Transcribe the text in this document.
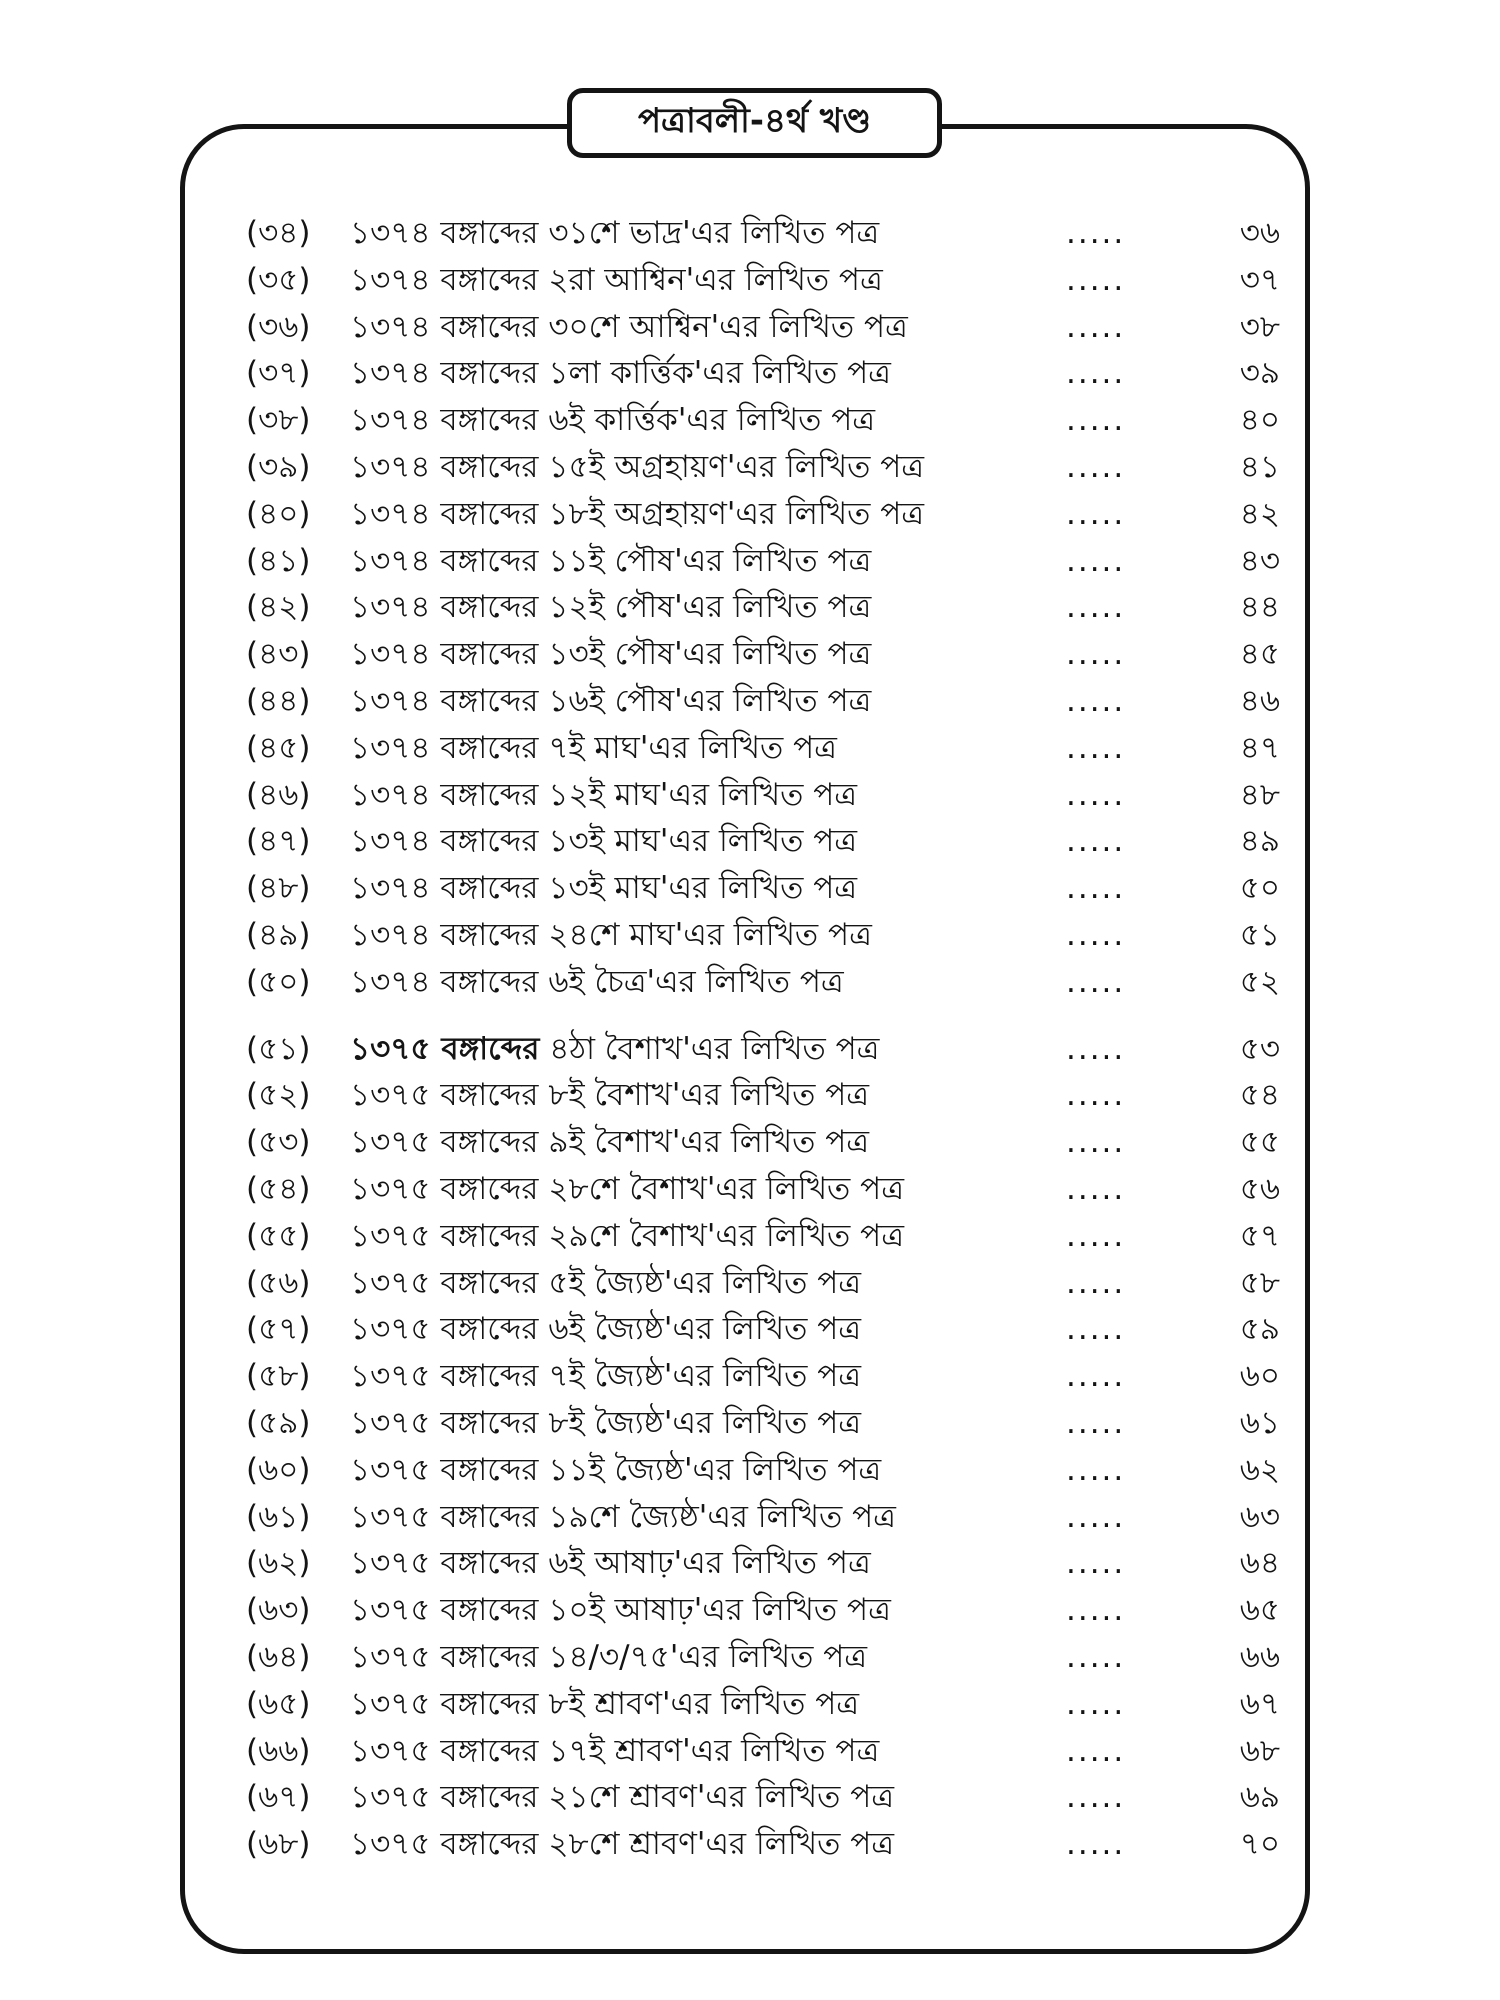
পত্রাবলী-৪র্থ খণ্ড
(৩৪) ১৩৭৪ বঙ্গাব্দের ৩১শে ভাদ্র'এর লিখিত পত্র	.....	৩৬
(৩৫) ১৩৭৪ বঙ্গাব্দের ২রা আশ্বিন'এর লিখিত পত্র	.....	৩৭
(৩৬) ১৩৭৪ বঙ্গাব্দের ৩০শে আশ্বিন'এর লিখিত পত্র	.....	৩৮
(৩৭) ১৩৭৪ বঙ্গাব্দের ১লা কার্ত্তিক'এর লিখিত পত্র	.....	৩৯
(৩৮) ১৩৭৪ বঙ্গাব্দের ৬ই কার্ত্তিক'এর লিখিত পত্র	.....	৪০
(৩৯) ১৩৭৪ বঙ্গাব্দের ১৫ই অগ্রহায়ণ'এর লিখিত পত্র	.....	৪১
(৪০) ১৩৭৪ বঙ্গাব্দের ১৮ই অগ্রহায়ণ'এর লিখিত পত্র	.....	৪২
(৪১) ১৩৭৪ বঙ্গাব্দের ১১ই পৌষ'এর লিখিত পত্র	.....	৪৩
(৪২) ১৩৭৪ বঙ্গাব্দের ১২ই পৌষ'এর লিখিত পত্র	.....	৪৪
(৪৩) ১৩৭৪ বঙ্গাব্দের ১৩ই পৌষ'এর লিখিত পত্র	.....	৪৫
(৪৪) ১৩৭৪ বঙ্গাব্দের ১৬ই পৌষ'এর লিখিত পত্র	.....	৪৬
(৪৫) ১৩৭৪ বঙ্গাব্দের ৭ই মাঘ'এর লিখিত পত্র	.....	৪৭
(৪৬) ১৩৭৪ বঙ্গাব্দের ১২ই মাঘ'এর লিখিত পত্র	.....	৪৮
(৪৭) ১৩৭৪ বঙ্গাব্দের ১৩ই মাঘ'এর লিখিত পত্র	.....	৪৯
(৪৮) ১৩৭৪ বঙ্গাব্দের ১৩ই মাঘ'এর লিখিত পত্র	.....	৫০
(৪৯) ১৩৭৪ বঙ্গাব্দের ২৪শে মাঘ'এর লিখিত পত্র	.....	৫১
(৫০) ১৩৭৪ বঙ্গাব্দের ৬ই চৈত্র'এর লিখিত পত্র	.....	৫২
(৫১) ১৩৭৫ বঙ্গাব্দের ৪ঠা বৈশাখ'এর লিখিত পত্র	.....	৫৩
(৫২) ১৩৭৫ বঙ্গাব্দের ৮ই বৈশাখ'এর লিখিত পত্র	.....	৫৪
(৫৩) ১৩৭৫ বঙ্গাব্দের ৯ই বৈশাখ'এর লিখিত পত্র	.....	৫৫
(৫৪) ১৩৭৫ বঙ্গাব্দের ২৮শে বৈশাখ'এর লিখিত পত্র	.....	৫৬
(৫৫) ১৩৭৫ বঙ্গাব্দের ২৯শে বৈশাখ'এর লিখিত পত্র	.....	৫৭
(৫৬) ১৩৭৫ বঙ্গাব্দের ৫ই জ্যৈষ্ঠ'এর লিখিত পত্র	.....	৫৮
(৫৭) ১৩৭৫ বঙ্গাব্দের ৬ই জ্যৈষ্ঠ'এর লিখিত পত্র	.....	৫৯
(৫৮) ১৩৭৫ বঙ্গাব্দের ৭ই জ্যৈষ্ঠ'এর লিখিত পত্র	.....	৬০
(৫৯) ১৩৭৫ বঙ্গাব্দের ৮ই জ্যৈষ্ঠ'এর লিখিত পত্র	.....	৬১
(৬০) ১৩৭৫ বঙ্গাব্দের ১১ই জ্যৈষ্ঠ'এর লিখিত পত্র	.....	৬২
(৬১) ১৩৭৫ বঙ্গাব্দের ১৯শে জ্যৈষ্ঠ'এর লিখিত পত্র	.....	৬৩
(৬২) ১৩৭৫ বঙ্গাব্দের ৬ই আষাঢ়'এর লিখিত পত্র	.....	৬৪
(৬৩) ১৩৭৫ বঙ্গাব্দের ১০ই আষাঢ়'এর লিখিত পত্র	.....	৬৫
(৬৪) ১৩৭৫ বঙ্গাব্দের ১৪/৩/৭৫'এর লিখিত পত্র	.....	৬৬
(৬৫) ১৩৭৫ বঙ্গাব্দের ৮ই শ্রাবণ'এর লিখিত পত্র	.....	৬৭
(৬৬) ১৩৭৫ বঙ্গাব্দের ১৭ই শ্রাবণ'এর লিখিত পত্র	.....	৬৮
(৬৭) ১৩৭৫ বঙ্গাব্দের ২১শে শ্রাবণ'এর লিখিত পত্র	.....	৬৯
(৬৮) ১৩৭৫ বঙ্গাব্দের ২৮শে শ্রাবণ'এর লিখিত পত্র	.....	৭০
